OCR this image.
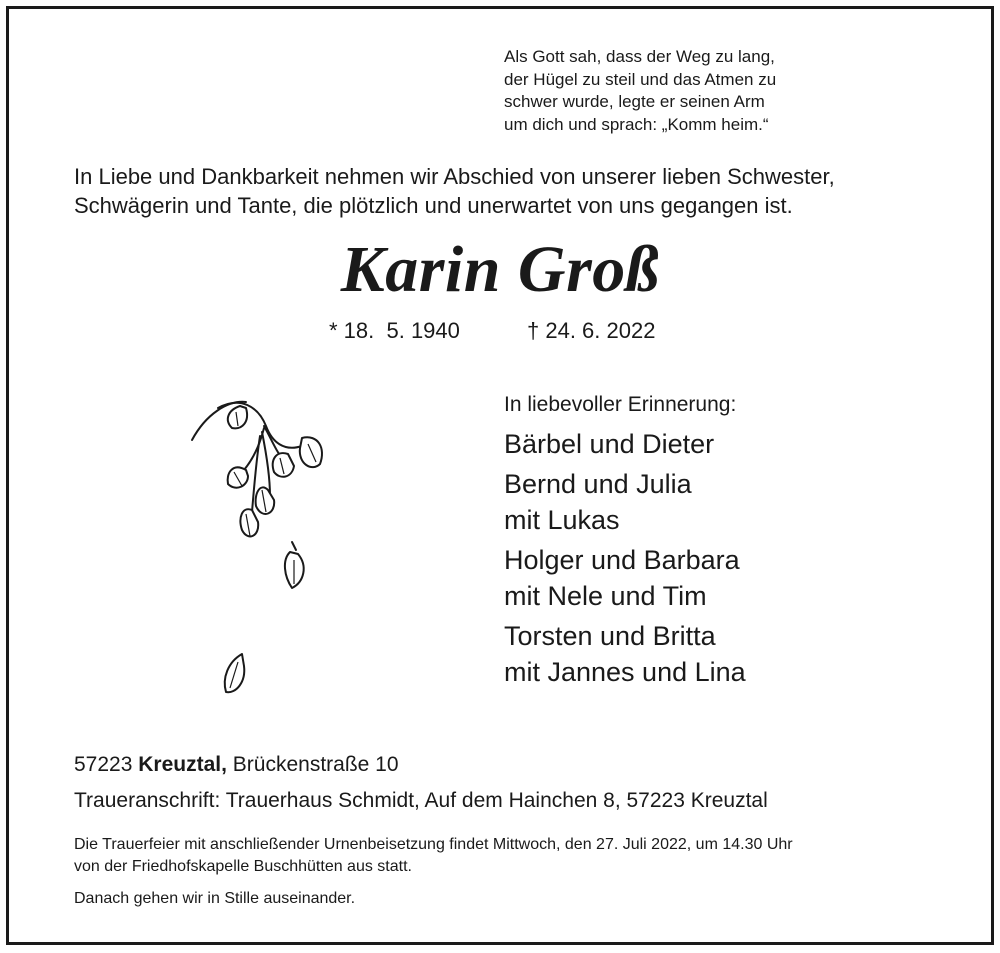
Als Gott sah, dass der Weg zu lang,
der Hügel zu steil und das Atmen zu
schwer wurde, legte er seinen Arm
um dich und sprach: „Komm heim.“
In Liebe und Dankbarkeit nehmen wir Abschied von unserer lieben Schwester,
Schwägerin und Tante, die plötzlich und unerwartet von uns gegangen ist.
Karin Groß
* 18.  5. 1940	† 24. 6. 2022
In liebevoller Erinnerung:
Bärbel und Dieter
Bernd und Julia
mit Lukas
Holger und Barbara
mit Nele und Tim
Torsten und Britta
mit Jannes und Lina
57223 Kreuztal, Brückenstraße 10
Traueranschrift: Trauerhaus Schmidt, Auf dem Hainchen 8, 57223 Kreuztal
Die Trauerfeier mit anschließender Urnenbeisetzung findet Mittwoch, den 27. Juli 2022, um 14.30 Uhr
von der Friedhofskapelle Buschhütten aus statt.
Danach gehen wir in Stille auseinander.
